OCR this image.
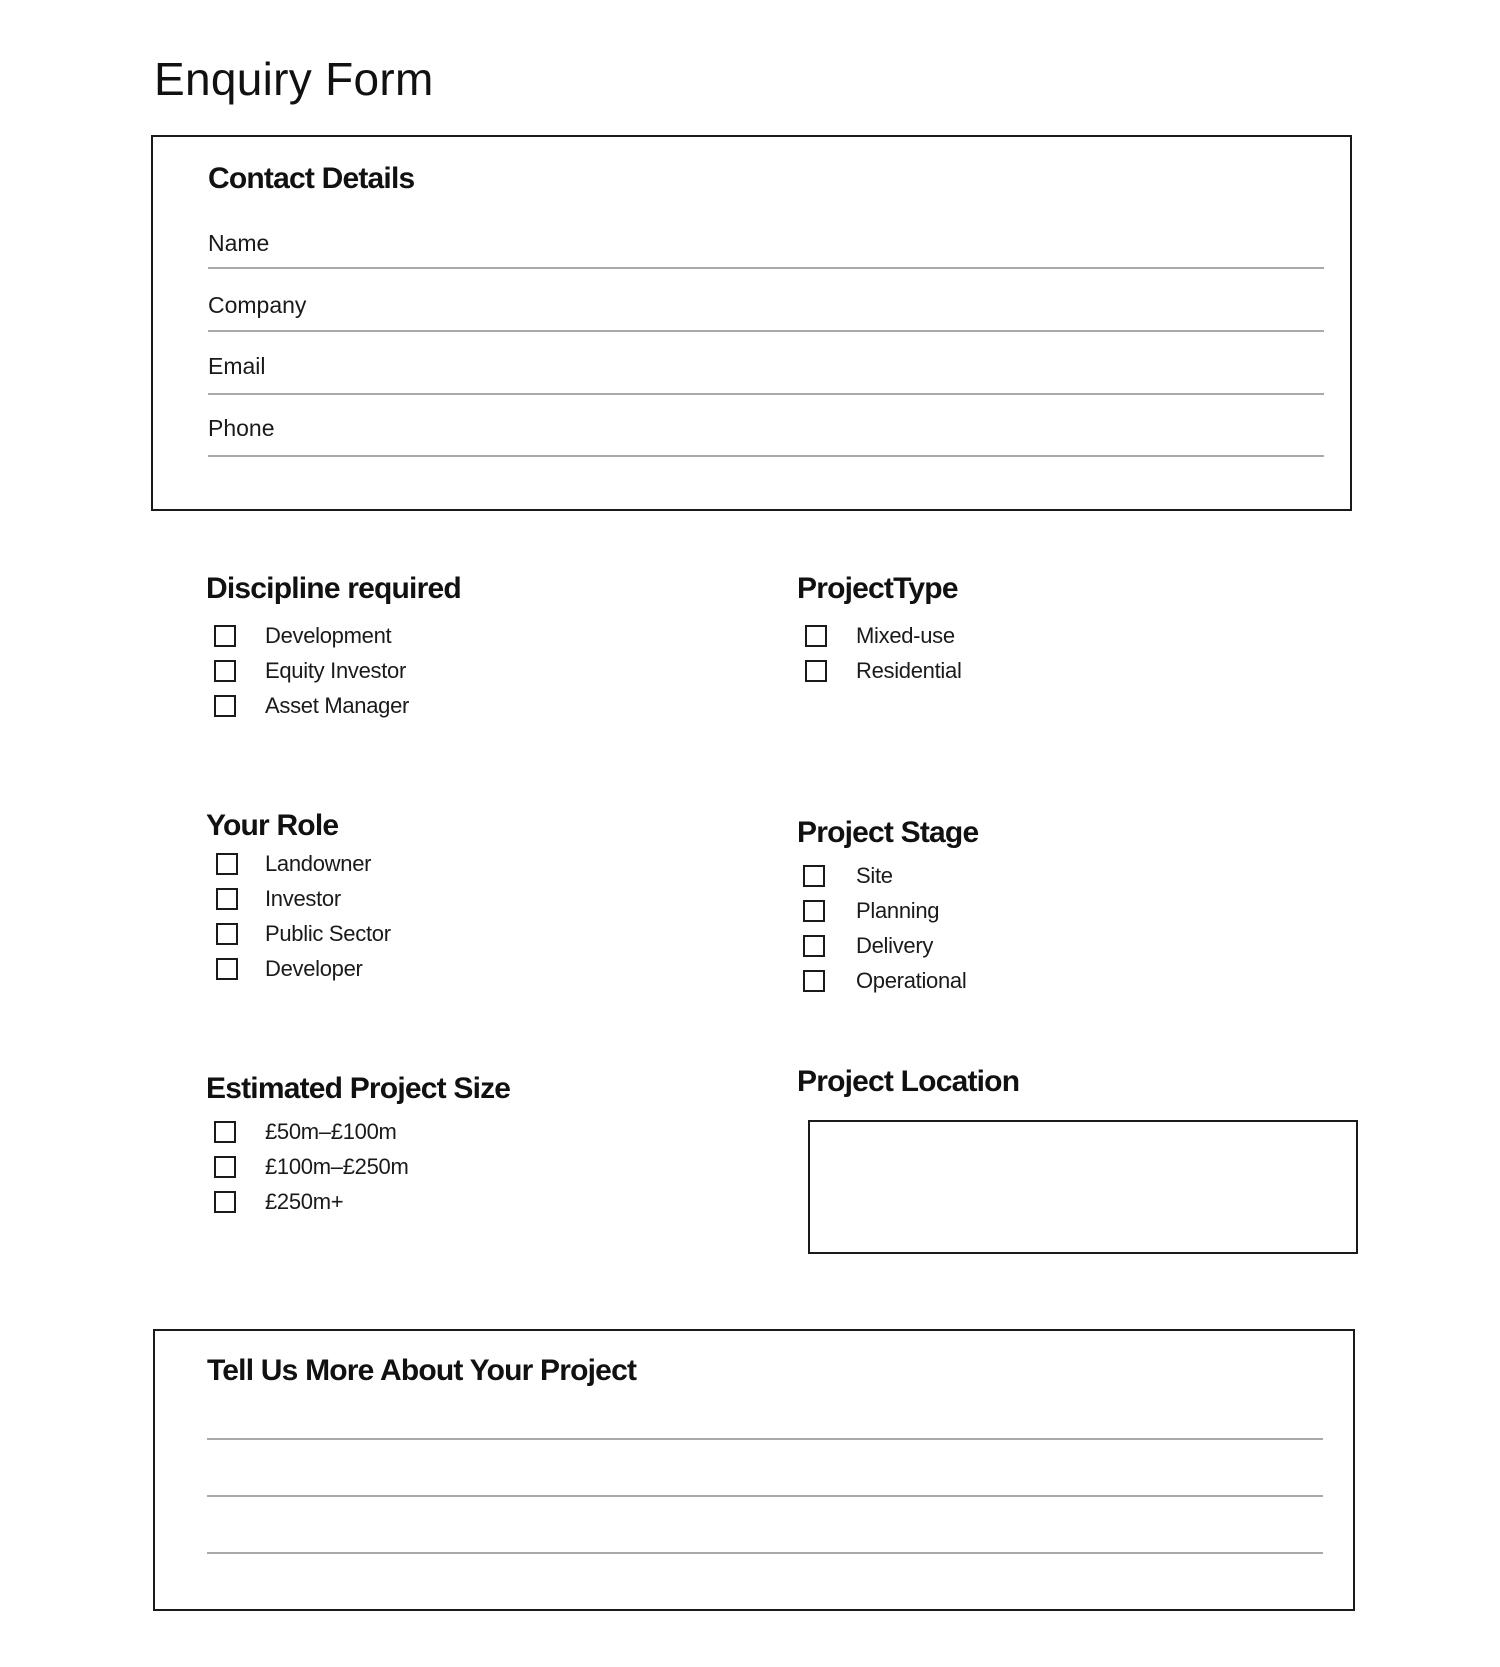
Enquiry Form
Contact Details
Name
Company
Email
Phone
Discipline required
Development
Equity Investor
Asset Manager
ProjectType
Mixed-use
Residential
Your Role
Landowner
Investor
Public Sector
Developer
Project Stage
Site
Planning
Delivery
Operational
Estimated Project Size
£50m–£100m
£100m–£250m
£250m+
Project Location
Tell Us More About Your Project
